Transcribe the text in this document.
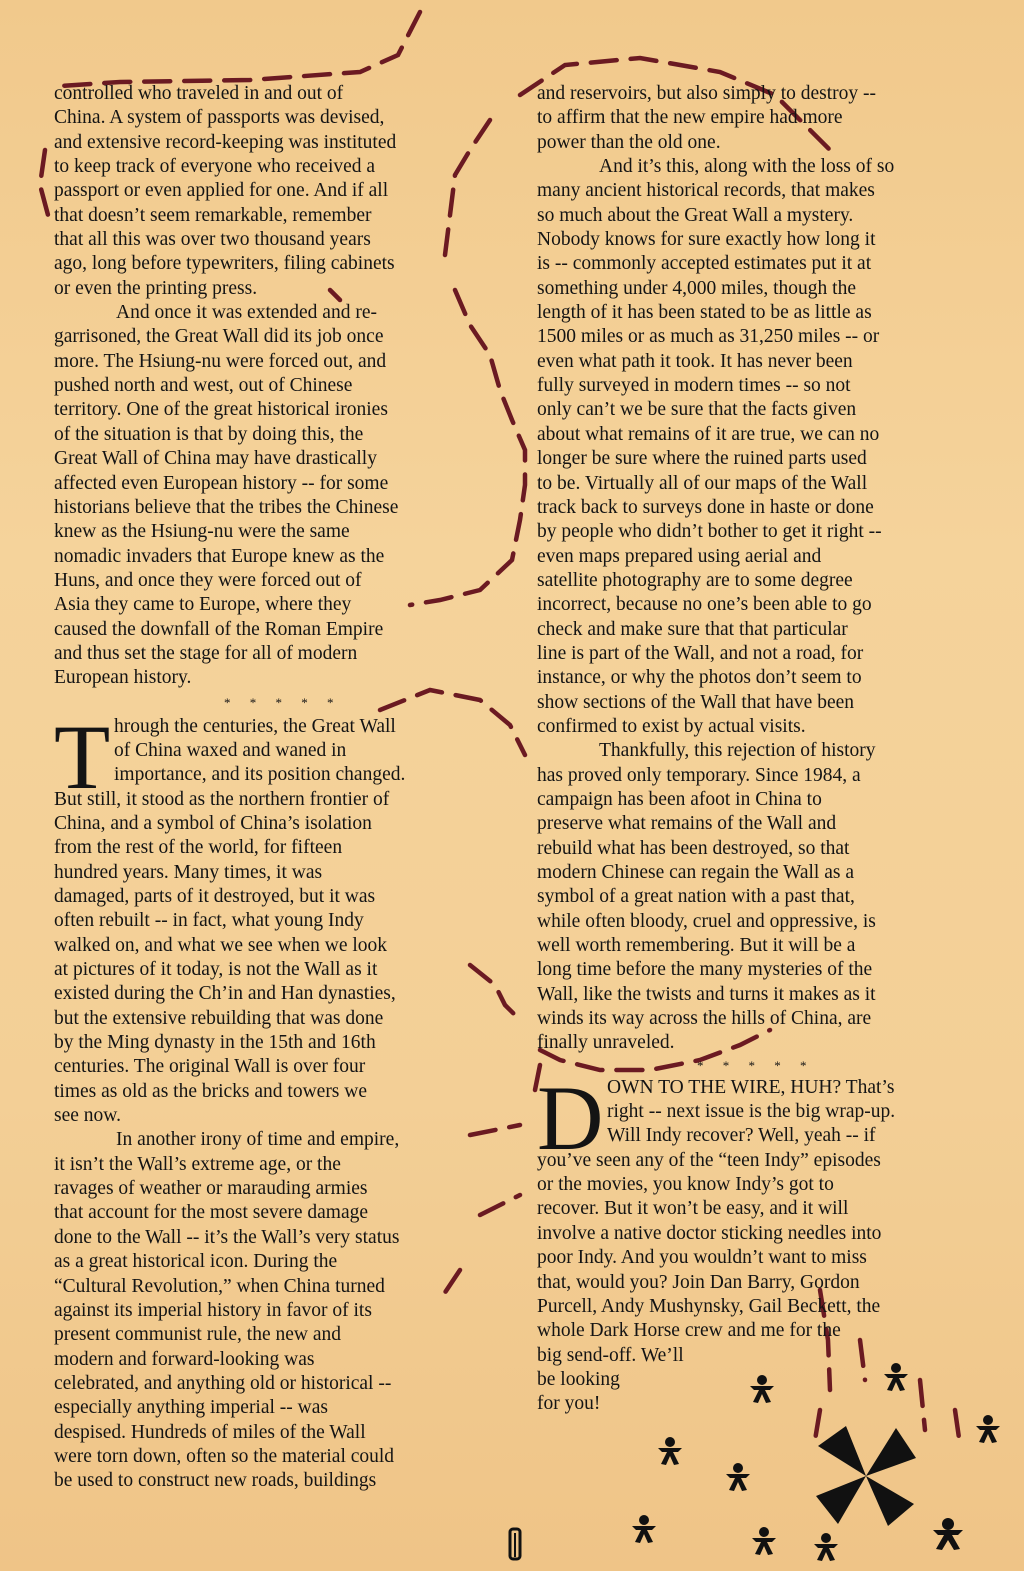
controlled who traveled in and out of
China. A system of passports was devised,
and extensive record-keeping was instituted
to keep track of everyone who received a
passport or even applied for one. And if all
that doesn’t seem remarkable, remember
that all this was over two thousand years
ago, long before typewriters, filing cabinets
or even the printing press.

And once it was extended and re-
garrisoned, the Great Wall did its job once
more. The Hsiung-nu were forced out, and
pushed north and west, out of Chinese
territory. One of the great historical ironies
of the situation is that by doing this, the
Great Wall of China may have drastically
affected even European history -- for some
historians believe that the tribes the Chinese
knew as the Hsiung-nu were the same
nomadic invaders that Europe knew as the
Huns, and once they were forced out of
Asia they came to Europe, where they
caused the downfall of the Roman Empire
and thus set the stage for all of modern
European history.

* * * * *
T hrough the centuries, the Great Wall
of China waxed and waned in
importance, and its position changed.
But still, it stood as the northern frontier of
China, and a symbol of China’s isolation
from the rest of the world, for fifteen
hundred years. Many times, it was
damaged, parts of it destroyed, but it was
often rebuilt -- in fact, what young Indy
walked on, and what we see when we look
at pictures of it today, is not the Wall as it
existed during the Ch’in and Han dynasties,
but the extensive rebuilding that was done
by the Ming dynasty in the 15th and 16th
centuries. The original Wall is over four
times as old as the bricks and towers we
see now.

In another irony of time and empire,
it isn’t the Wall’s extreme age, or the
ravages of weather or marauding armies
that account for the most severe damage
done to the Wall -- it’s the Wall’s very status
as a great historical icon. During the
“Cultural Revolution,” when China turned
against its imperial history in favor of its
present communist rule, the new and
modern and forward-looking was
celebrated, and anything old or historical --
especially anything imperial -- was
despised. Hundreds of miles of the Wall
were torn down, often so the material could
be used to construct new roads, buildings

and reservoirs, but also simply to destroy --
to affirm that the new empire had more
power than the old one.

And it’s this, along with the loss of so
many ancient historical records, that makes
so much about the Great Wall a mystery.
Nobody knows for sure exactly how long it
is -- commonly accepted estimates put it at
something under 4,000 miles, though the
length of it has been stated to be as little as
1500 miles or as much as 31,250 miles -- or
even what path it took. It has never been
fully surveyed in modern times -- so not
only can’t we be sure that the facts given
about what remains of it are true, we can no
longer be sure where the ruined parts used
to be. Virtually all of our maps of the Wall
track back to surveys done in haste or done
by people who didn’t bother to get it right --
even maps prepared using aerial and
satellite photography are to some degree
incorrect, because no one’s been able to go
check and make sure that that particular
line is part of the Wall, and not a road, for
instance, or why the photos don’t seem to
show sections of the Wall that have been
confirmed to exist by actual visits.

Thankfully, this rejection of history
has proved only temporary. Since 1984, a
campaign has been afoot in China to
preserve what remains of the Wall and
rebuild what has been destroyed, so that
modern Chinese can regain the Wall as a
symbol of a great nation with a past that,
while often bloody, cruel and oppressive, is
well worth remembering. But it will be a
long time before the many mysteries of the
Wall, like the twists and turns it makes as it
winds its way across the hills of China, are
finally unraveled.

* * * * *
D OWN TO THE WIRE, HUH? That’s
right -- next issue is the big wrap-up.
Will Indy recover? Well, yeah -- if
you’ve seen any of the “teen Indy” episodes
or the movies, you know Indy’s got to
recover. But it won’t be easy, and it will
involve a native doctor sticking needles into
poor Indy. And you wouldn’t want to miss
that, would you? Join Dan Barry, Gordon
Purcell, Andy Mushynsky, Gail Beckett, the
whole Dark Horse crew and me for the
big send-off. We’ll
be looking
for you!
